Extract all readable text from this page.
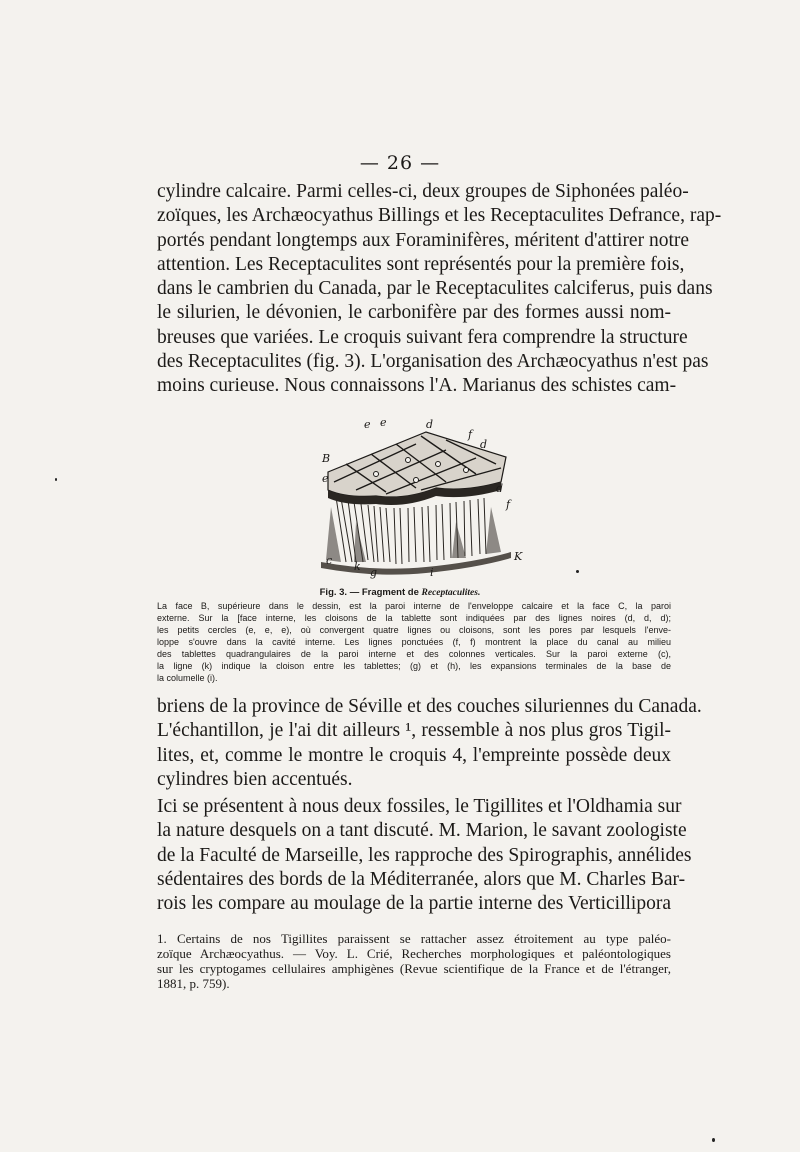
— 26 —
cylindre calcaire. Parmi celles-ci, deux groupes de Siphonées paléo-
zoïques, les Archæocyathus Billings et les Receptaculites Defrance, rap-
portés pendant longtemps aux Foraminifères, méritent d'attirer notre
attention. Les Receptaculites sont représentés pour la première fois,
dans le cambrien du Canada, par le Receptaculites calciferus, puis dans
le silurien, le dévonien, le carbonifère par des formes aussi nom-
breuses que variées. Le croquis suivant fera comprendre la structure
des Receptaculites (fig. 3). L'organisation des Archæocyathus n'est pas
moins curieuse. Nous connaissons l'A. Marianus des schistes cam-
e e	d
f
d
B
e
d
f
c k g	i
K
Fig. 3. — Fragment de Receptaculites.
La face B, supérieure dans le dessin, est la paroi interne de l'enveloppe calcaire et la face C, la paroi
externe. Sur la [face interne, les cloisons de la tablette sont indiquées par des lignes noires (d, d, d);
les petits cercles (e, e, e), où convergent quatre lignes ou cloisons, sont les pores par lesquels l'enve-
loppe s'ouvre dans la cavité interne. Les lignes ponctuées (f, f) montrent la place du canal au milieu
des tablettes quadrangulaires de la paroi interne et des colonnes verticales. Sur la paroi externe (c),
la ligne (k) indique la cloison entre les tablettes; (g) et (h), les expansions terminales de la base de
la columelle (i).
briens de la province de Séville et des couches siluriennes du Canada.
L'échantillon, je l'ai dit ailleurs ¹, ressemble à nos plus gros Tigil-
lites, et, comme le montre le croquis 4, l'empreinte possède deux
cylindres bien accentués.
Ici se présentent à nous deux fossiles, le Tigillites et l'Oldhamia sur
la nature desquels on a tant discuté. M. Marion, le savant zoologiste
de la Faculté de Marseille, les rapproche des Spirographis, annélides
sédentaires des bords de la Méditerranée, alors que M. Charles Bar-
rois les compare au moulage de la partie interne des Verticillipora
1. Certains de nos Tigillites paraissent se rattacher assez étroitement au type paléo-
zoïque Archæocyathus. — Voy. L. Crié, Recherches morphologiques et paléontologiques
sur les cryptogames cellulaires amphigènes (Revue scientifique de la France et de l'étranger,
1881, p. 759).
